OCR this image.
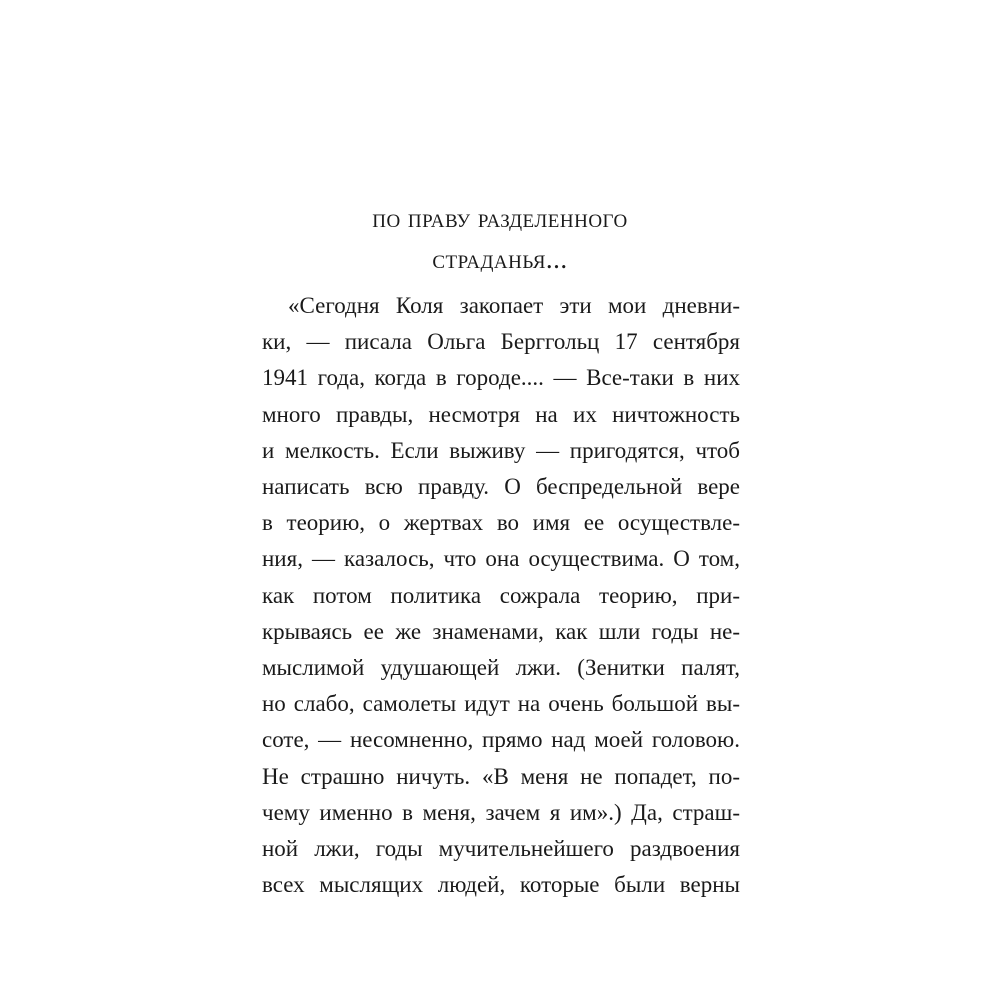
по праву разделенного
страданья...
«Сегодня Коля закопает эти мои дневни-
ки, — писала Ольга Берггольц 17 сентября
1941 года, когда в городе.... — Все-таки в них
много правды, несмотря на их ничтожность
и мелкость. Если выживу — пригодятся, чтоб
написать всю правду. О беспредельной вере
в теорию, о жертвах во имя ее осуществле-
ния, — казалось, что она осуществима. О том,
как потом политика сожрала теорию, при-
крываясь ее же знаменами, как шли годы не-
мыслимой удушающей лжи. (Зенитки палят,
но слабо, самолеты идут на очень большой вы-
соте, — несомненно, прямо над моей головою.
Не страшно ничуть. «В меня не попадет, по-
чему именно в меня, зачем я им».) Да, страш-
ной лжи, годы мучительнейшего раздвоения
всех мыслящих людей, которые были верны
